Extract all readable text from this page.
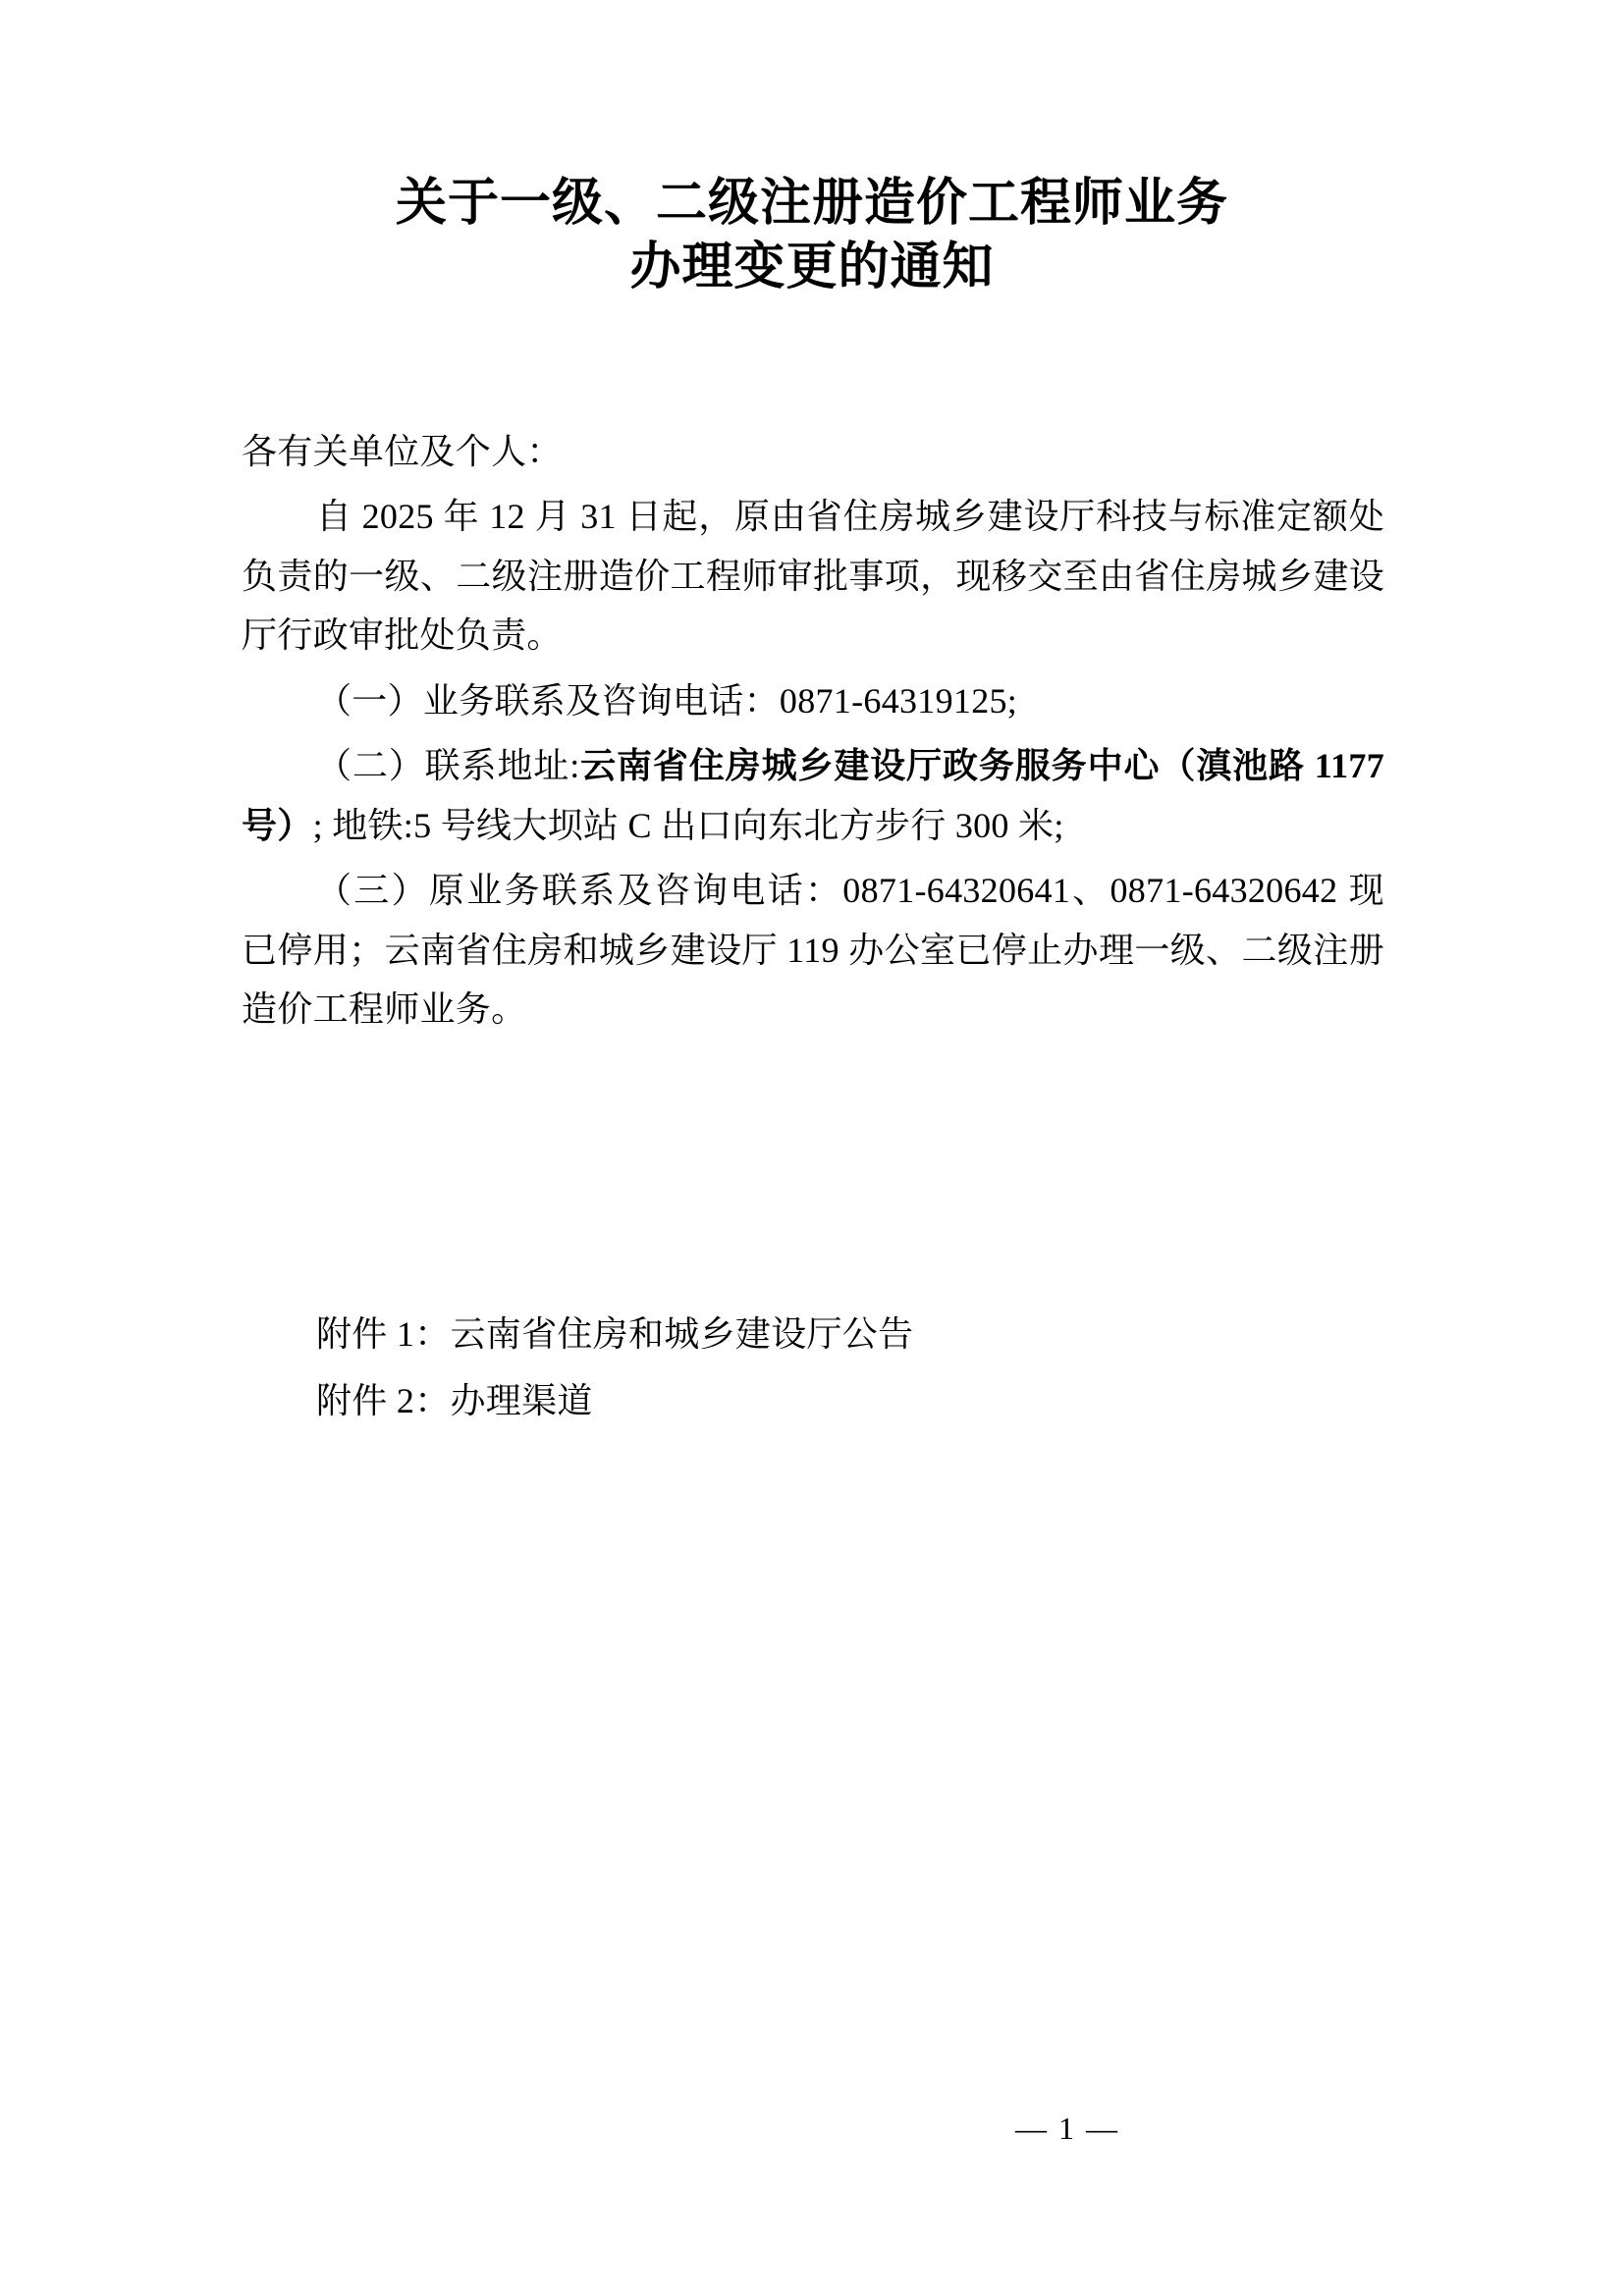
关于一级、二级注册造价工程师业务
办理变更的通知

各有关单位及个人：

自 2025 年 12 月 31 日起，原由省住房城乡建设厅科技与标准定额处负责的一级、二级注册造价工程师审批事项，现移交至由省住房城乡建设厅行政审批处负责。

（一）业务联系及咨询电话：0871-64319125;

（二）联系地址:云南省住房城乡建设厅政务服务中心（滇池路 1177 号）; 地铁:5 号线大坝站 C 出口向东北方步行 300 米;

（三）原业务联系及咨询电话：0871-64320641、0871-64320642 现已停用；云南省住房和城乡建设厅 119 办公室已停止办理一级、二级注册造价工程师业务。

附件 1：云南省住房和城乡建设厅公告

附件 2：办理渠道

— 1 —
